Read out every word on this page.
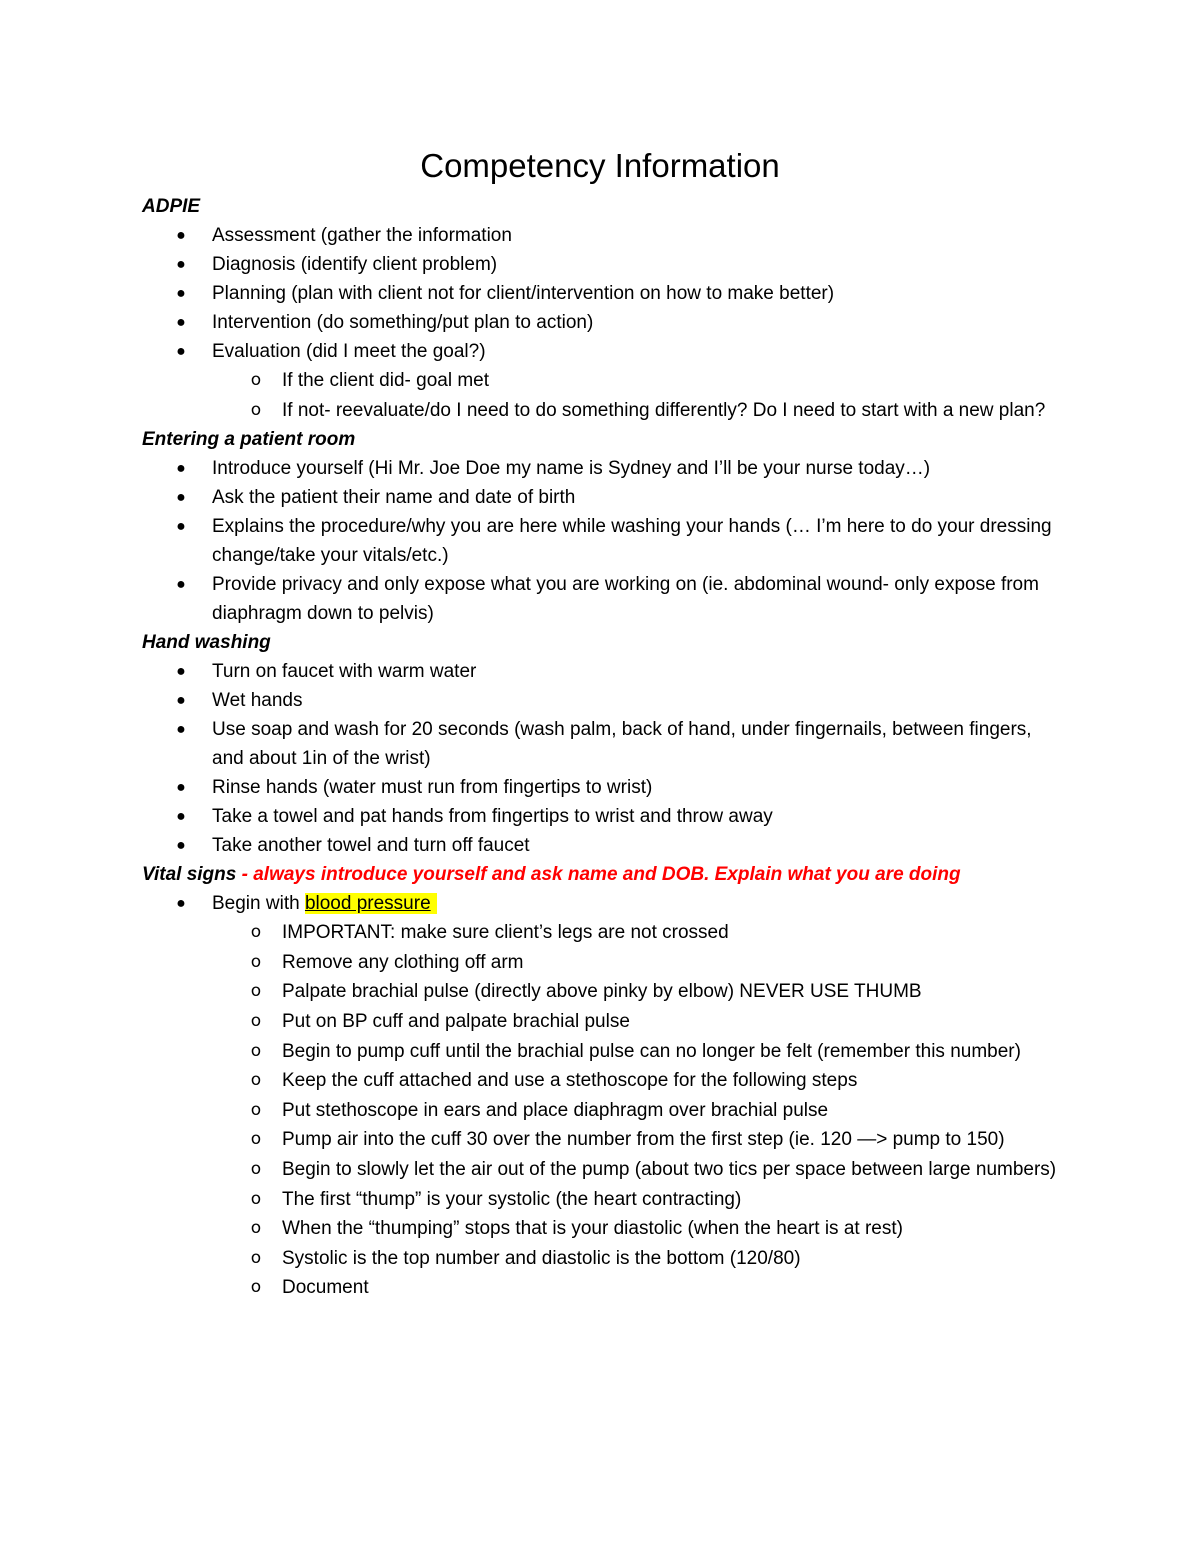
Competency Information
ADPIE
● Assessment (gather the information
● Diagnosis (identify client problem)
● Planning (plan with client not for client/intervention on how to make better)
● Intervention (do something/put plan to action)
● Evaluation (did I meet the goal?)
o If the client did- goal met
o If not- reevaluate/do I need to do something differently? Do I need to start with a new plan?
Entering a patient room
● Introduce yourself (Hi Mr. Joe Doe my name is Sydney and I’ll be your nurse today…)
● Ask the patient their name and date of birth
● Explains the procedure/why you are here while washing your hands (… I’m here to do your dressing change/take your vitals/etc.)
● Provide privacy and only expose what you are working on (ie. abdominal wound- only expose from diaphragm down to pelvis)
Hand washing
● Turn on faucet with warm water
● Wet hands
● Use soap and wash for 20 seconds (wash palm, back of hand, under fingernails, between fingers, and about 1in of the wrist)
● Rinse hands (water must run from fingertips to wrist)
● Take a towel and pat hands from fingertips to wrist and throw away
● Take another towel and turn off faucet
Vital signs - always introduce yourself and ask name and DOB. Explain what you are doing
● Begin with blood pressure
o IMPORTANT: make sure client’s legs are not crossed
o Remove any clothing off arm
o Palpate brachial pulse (directly above pinky by elbow) NEVER USE THUMB
o Put on BP cuff and palpate brachial pulse
o Begin to pump cuff until the brachial pulse can no longer be felt (remember this number)
o Keep the cuff attached and use a stethoscope for the following steps
o Put stethoscope in ears and place diaphragm over brachial pulse
o Pump air into the cuff 30 over the number from the first step (ie. 120 —> pump to 150)
o Begin to slowly let the air out of the pump (about two tics per space between large numbers)
o The first “thump” is your systolic (the heart contracting)
o When the “thumping” stops that is your diastolic (when the heart is at rest)
o Systolic is the top number and diastolic is the bottom (120/80)
o Document
